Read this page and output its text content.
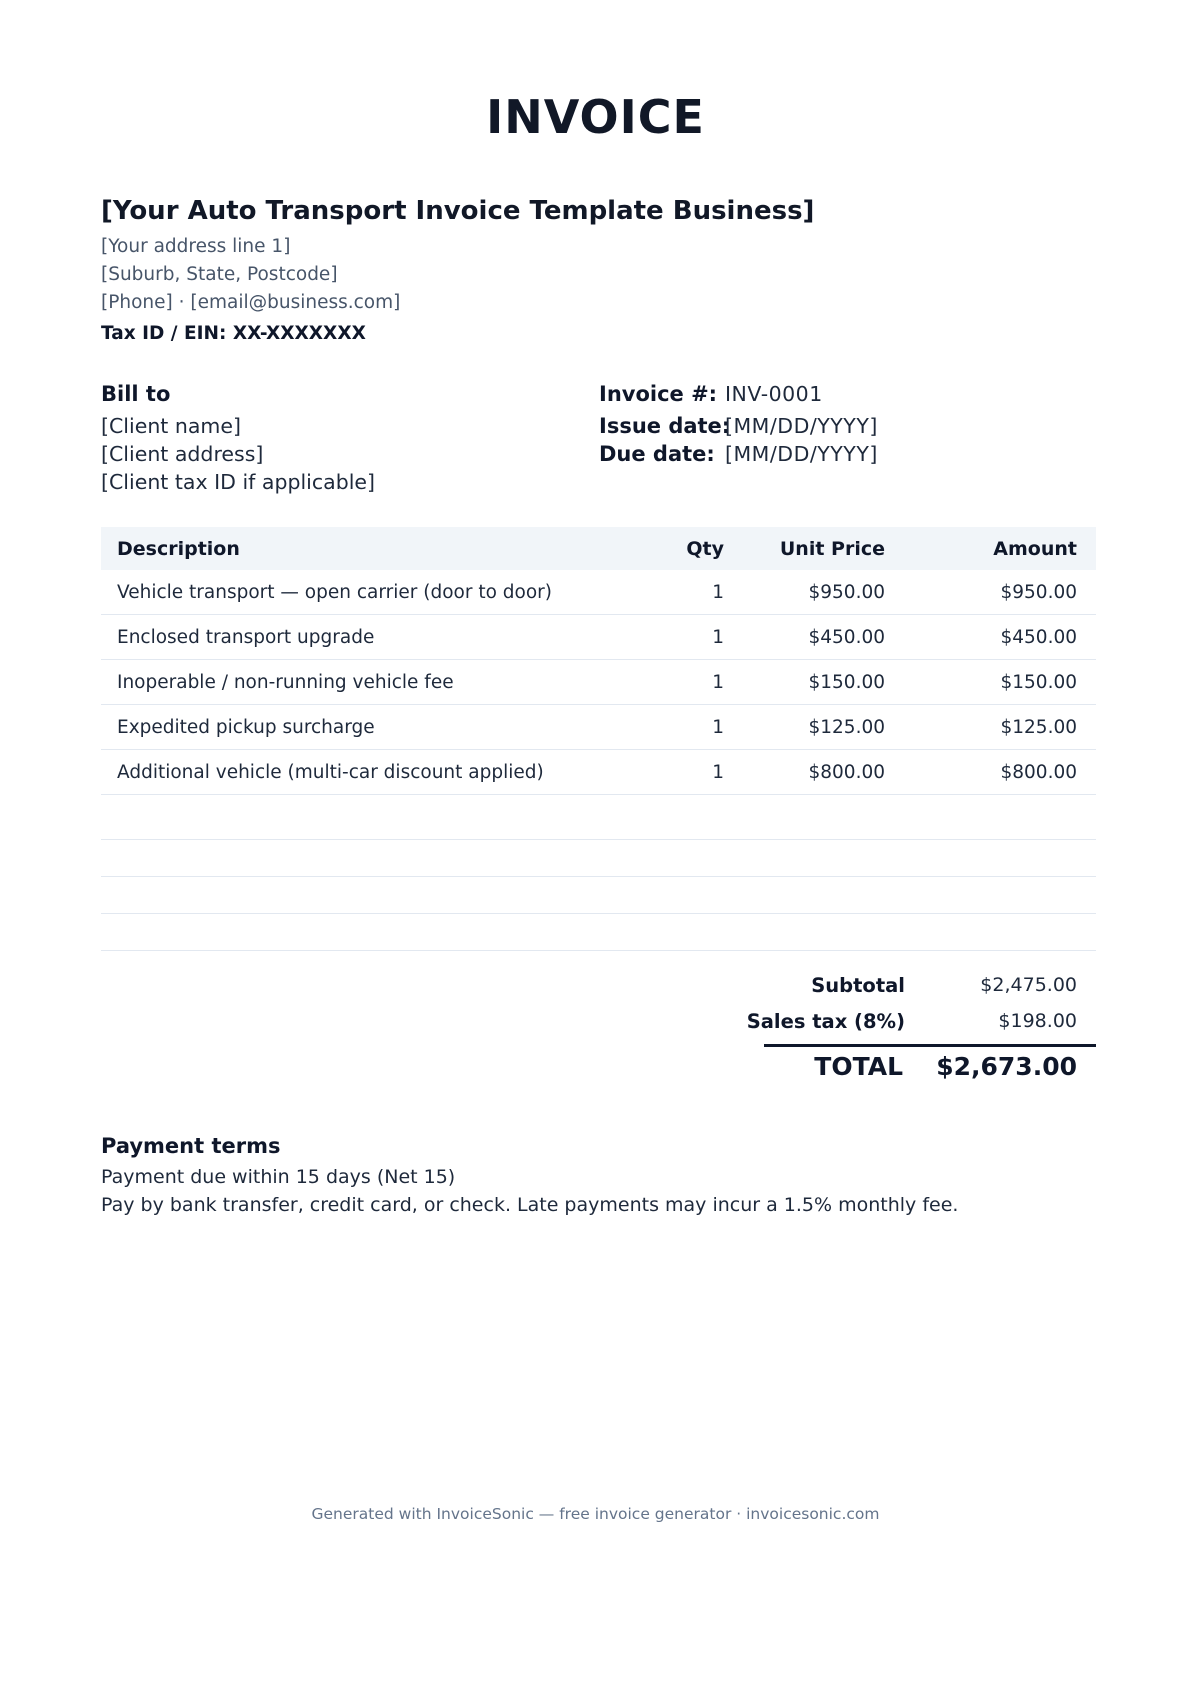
INVOICE
[Your Auto Transport Invoice Template Business]
[Your address line 1]
[Suburb, State, Postcode]
[Phone] · [email@business.com]
Tax ID / EIN: XX-XXXXXXX
Bill to
[Client name]
[Client address]
[Client tax ID if applicable]
Invoice #: INV-0001
Issue date:
[MM/DD/YYYY]
Due date: [MM/DD/YYYY]
Description	Qty	Unit Price	Amount
Vehicle transport — open carrier (door to door)	1	$950.00	$950.00
Enclosed transport upgrade	1	$450.00	$450.00
Inoperable / non-running vehicle fee	1	$150.00	$150.00
Expedited pickup surcharge	1	$125.00	$125.00
Additional vehicle (multi-car discount applied)	1	$800.00	$800.00
Subtotal	$2,475.00
Sales tax (8%)	$198.00
TOTAL $2,673.00
Payment terms
Payment due within 15 days (Net 15)
Pay by bank transfer, credit card, or check. Late payments may incur a 1.5% monthly fee.
Generated with InvoiceSonic — free invoice generator · invoicesonic.com
